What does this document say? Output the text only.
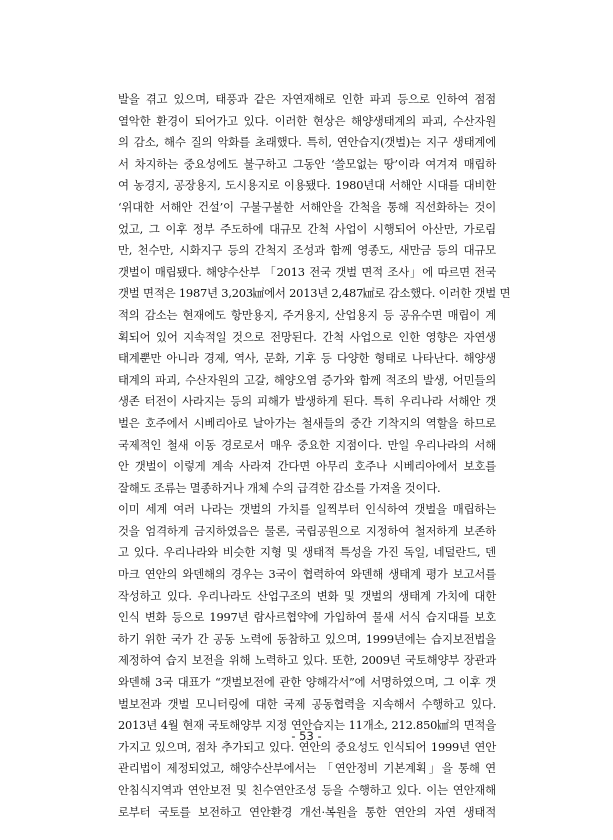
발을 겪고 있으며, 태풍과 같은 자연재해로 인한 파괴 등으로 인하여 점점
열악한 환경이 되어가고 있다. 이러한 현상은 해양생태계의 파괴, 수산자원
의 감소, 해수 질의 악화를 초래했다. 특히, 연안습지(갯벌)는 지구 생태계에
서 차지하는 중요성에도 불구하고 그동안 ‘쓸모없는 땅’이라 여겨져 매립하
여 농경지, 공장용지, 도시용지로 이용됐다. 1980년대 서해안 시대를 대비한
‘위대한 서해안 건설’이 구불구불한 서해안을 간척을 통해 직선화하는 것이
었고, 그 이후 정부 주도하에 대규모 간척 사업이 시행되어 아산만, 가로림
만, 천수만, 시화지구 등의 간척지 조성과 함께 영종도, 새만금 등의 대규모
갯벌이 매립됐다. 해양수산부 「2013 전국 갯벌 면적 조사」에 따르면 전국
갯벌 면적은 1987년 3,203㎢에서 2013년 2,487㎢로 감소했다. 이러한 갯벌 면
적의 감소는 현재에도 항만용지, 주거용지, 산업용지 등 공유수면 매립이 계
획되어 있어 지속적일 것으로 전망된다. 간척 사업으로 인한 영향은 자연생
태계뿐만 아니라 경제, 역사, 문화, 기후 등 다양한 형태로 나타난다. 해양생
태계의 파괴, 수산자원의 고갈, 해양오염 증가와 함께 적조의 발생, 어민들의
생존 터전이 사라지는 등의 피해가 발생하게 된다. 특히 우리나라 서해안 갯
벌은 호주에서 시베리아로 날아가는 철새들의 중간 기착지의 역할을 하므로
국제적인 철새 이동 경로로서 매우 중요한 지점이다. 만일 우리나라의 서해
안 갯벌이 이렇게 계속 사라져 간다면 아무리 호주나 시베리아에서 보호를
잘해도 조류는 멸종하거나 개체 수의 급격한 감소를 가져올 것이다.
이미 세계 여러 나라는 갯벌의 가치를 일찍부터 인식하여 갯벌을 매립하는
것을 엄격하게 금지하였음은 물론, 국립공원으로 지정하여 철저하게 보존하
고 있다. 우리나라와 비슷한 지형 및 생태적 특성을 가진 독일, 네덜란드, 덴
마크 연안의 와덴해의 경우는 3국이 협력하여 와덴해 생태계 평가 보고서를
작성하고 있다. 우리나라도 산업구조의 변화 및 갯벌의 생태계 가치에 대한
인식 변화 등으로 1997년 람사르협약에 가입하여 물새 서식 습지대를 보호
하기 위한 국가 간 공동 노력에 동참하고 있으며, 1999년에는 습지보전법을
제정하여 습지 보전을 위해 노력하고 있다. 또한, 2009년 국토해양부 장관과
와덴해 3국 대표가 “갯벌보전에 관한 양해각서”에 서명하였으며, 그 이후 갯
벌보전과 갯벌 모니터링에 대한 국제 공동협력을 지속해서 수행하고 있다.
2013년 4월 현재 국토해양부 지정 연안습지는 11개소, 212.850㎢의 면적을
가지고 있으며, 점차 추가되고 있다. 연안의 중요성도 인식되어 1999년 연안
관리법이 제정되었고, 해양수산부에서는 「연안정비 기본계획」을 통해 연
안침식지역과 연안보전 및 친수연안조성 등을 수행하고 있다. 이는 연안재해
로부터 국토를 보전하고 연안환경 개선·복원을 통한 연안의 자연 생태적
- 53 -
